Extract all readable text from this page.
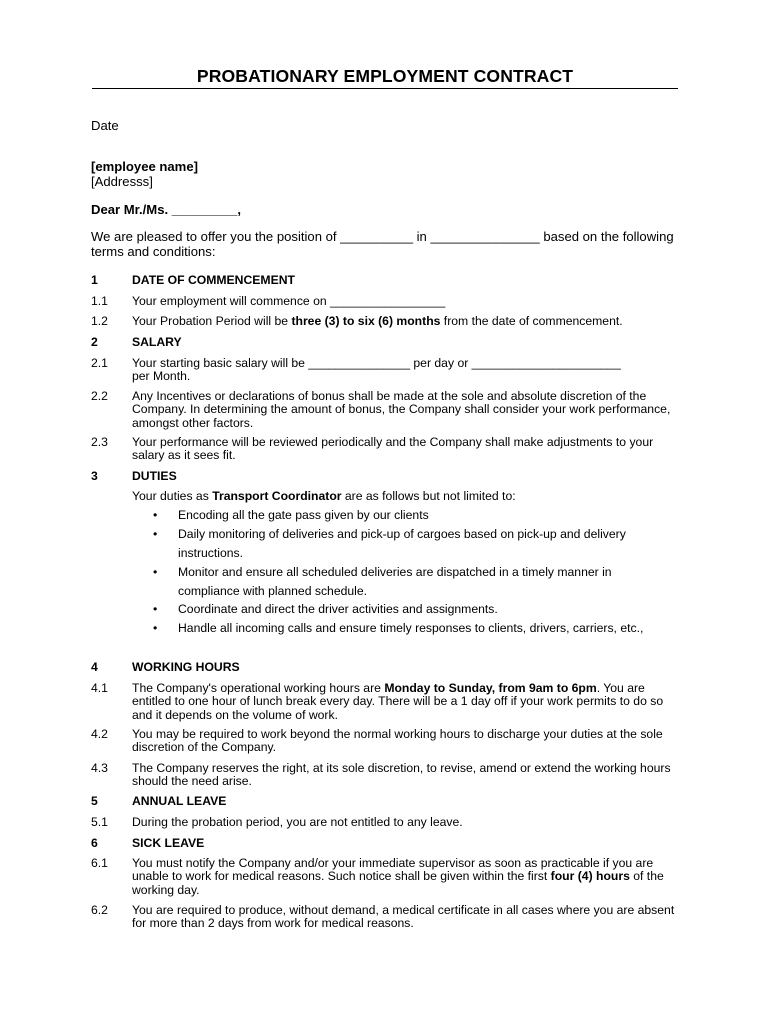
PROBATIONARY EMPLOYMENT CONTRACT
Date
[employee name]
[Addresss]
Dear Mr./Ms. _________,
We are pleased to offer you the position of __________ in _______________ based on the following terms and conditions:
1	DATE OF COMMENCEMENT
1.1 Your employment will commence on _________________
1.2 Your Probation Period will be three (3) to six (6) months from the date of commencement.
2	SALARY
2.1 Your starting basic salary will be _______________ per day or ______________________ per Month.
2.2 Any Incentives or declarations of bonus shall be made at the sole and absolute discretion of the Company. In determining the amount of bonus, the Company shall consider your work performance, amongst other factors.
2.3 Your performance will be reviewed periodically and the Company shall make adjustments to your salary as it sees fit.
3	DUTIES
Your duties as Transport Coordinator are as follows but not limited to:
• Encoding all the gate pass given by our clients
• Daily monitoring of deliveries and pick-up of cargoes based on pick-up and delivery instructions.
• Monitor and ensure all scheduled deliveries are dispatched in a timely manner in compliance with planned schedule.
• Coordinate and direct the driver activities and assignments.
• Handle all incoming calls and ensure timely responses to clients, drivers, carriers, etc.,
4	WORKING HOURS
4.1 The Company's operational working hours are Monday to Sunday, from 9am to 6pm. You are entitled to one hour of lunch break every day. There will be a 1 day off if your work permits to do so and it depends on the volume of work.
4.2 You may be required to work beyond the normal working hours to discharge your duties at the sole discretion of the Company.
4.3 The Company reserves the right, at its sole discretion, to revise, amend or extend the working hours should the need arise.
5	ANNUAL LEAVE
5.1 During the probation period, you are not entitled to any leave.
6	SICK LEAVE
6.1 You must notify the Company and/or your immediate supervisor as soon as practicable if you are unable to work for medical reasons. Such notice shall be given within the first four (4) hours of the working day.
6.2 You are required to produce, without demand, a medical certificate in all cases where you are absent for more than 2 days from work for medical reasons.
